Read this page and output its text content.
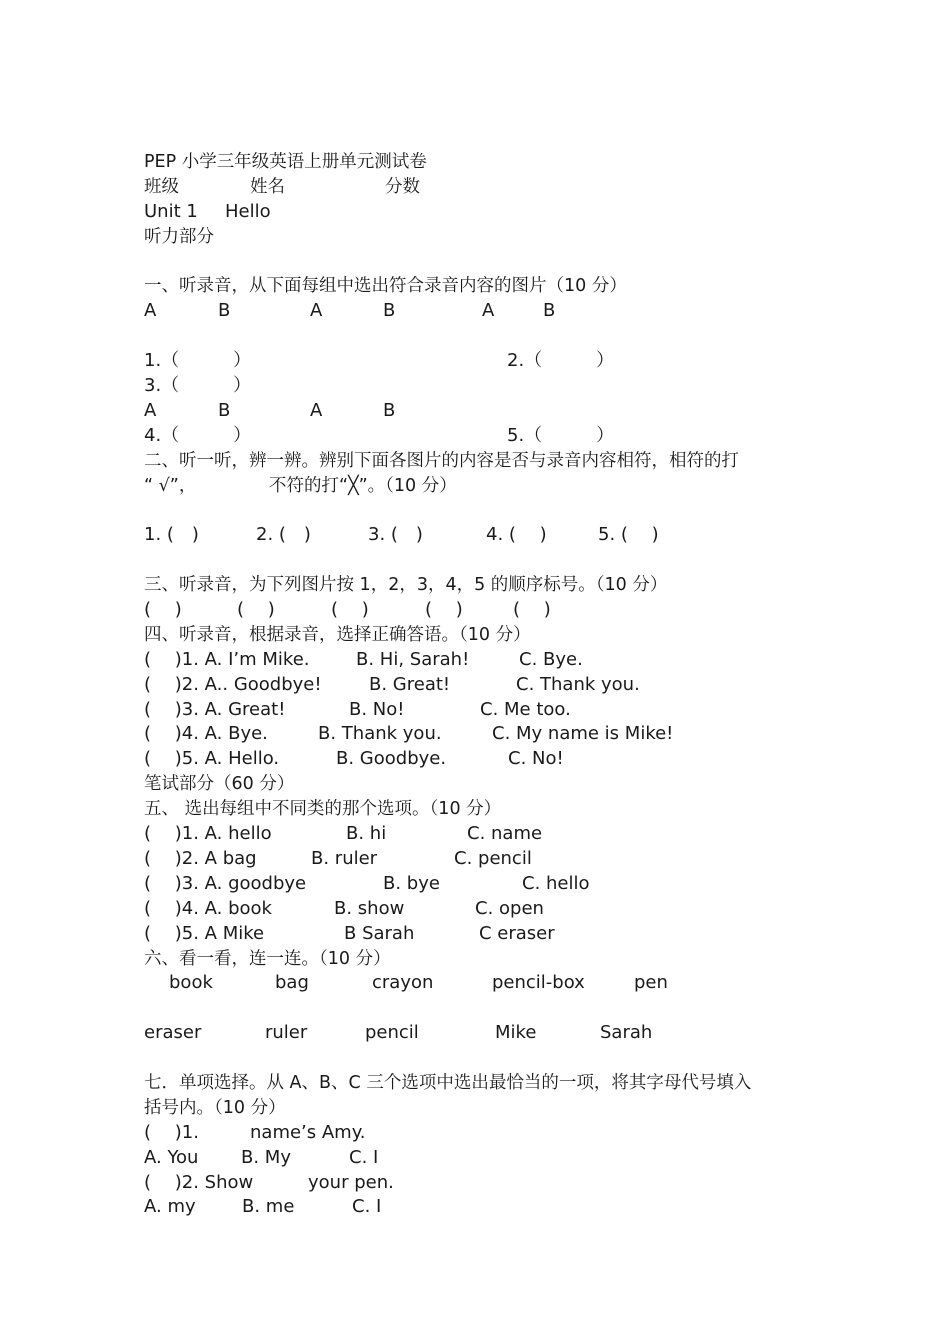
PEP 小学三年级英语上册单元测试卷
班级	姓名	分数
Unit 1 Hello
听力部分
一、听录音，从下面每组中选出符合录音内容的图片（10 分）
A	B	A	B	A	B
1.（　　　）	2.（　　　）
3.（　　　）
A	B	A	B
4.（　　　）	5.（　　　）
二、听一听，辨一辨。辨别下面各图片的内容是否与录音内容相符，相符的打
“ √”，	不符的打“╳”。（10 分）
1. (　)	2. (　)	3. (　)	4. (　 )	5. (　 )
三、听录音，为下列图片按 1，2，3，4，5 的顺序标号。（10 分）
(　 )	(　 )	(　 )	(　 )	(　 )
四、听录音，根据录音，选择正确答语。（10 分）
(　 )1. A. I’m Mike.	B. Hi, Sarah!	C. Bye.
(　 )2. A.. Goodbye!	B. Great!	C. Thank you.
(　 )3. A. Great!	B. No!	C. Me too.
(　 )4. A. Bye.	B. Thank you.	C. My name is Mike!
(　 )5. A. Hello.	B. Goodbye.	C. No!
笔试部分（60 分）
五、 选出每组中不同类的那个选项。（10 分）
(　 )1. A. hello	B. hi	C. name
(　 )2. A bag	B. ruler	C. pencil
(　 )3. A. goodbye	B. bye	C. hello
(　 )4. A. book	B. show	C. open
(　 )5. A Mike	B Sarah	C eraser
六、看一看，连一连。（10 分）
book	bag	crayon	pencil-box	pen
eraser	ruler	pencil	Mike	Sarah
七．单项选择。从 A、B、C 三个选项中选出最恰当的一项，将其字母代号填入
括号内。（10 分）
(　 )1.	name’s Amy.
A. You B. My	C. I
(　 )2. Show	your pen.
A. my	B. me	C. I
